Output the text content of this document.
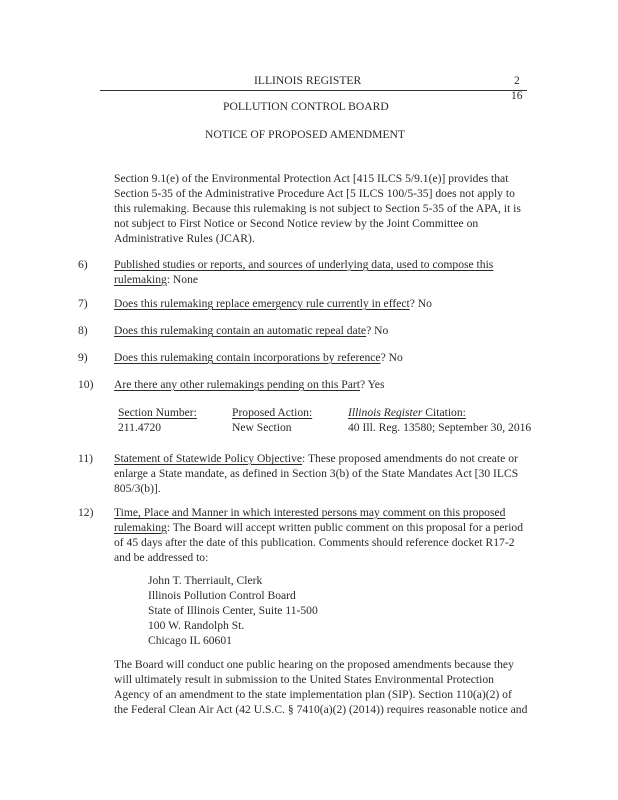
ILLINOIS REGISTER	2
16
POLLUTION CONTROL BOARD
NOTICE OF PROPOSED AMENDMENT
Section 9.1(e) of the Environmental Protection Act [415 ILCS 5/9.1(e)] provides that
Section 5-35 of the Administrative Procedure Act [5 ILCS 100/5-35] does not apply to
this rulemaking. Because this rulemaking is not subject to Section 5-35 of the APA, it is
not subject to First Notice or Second Notice review by the Joint Committee on
Administrative Rules (JCAR).
6) Published studies or reports, and sources of underlying data, used to compose this
rulemaking: None
7) Does this rulemaking replace emergency rule currently in effect? No
8) Does this rulemaking contain an automatic repeal date? No
9) Does this rulemaking contain incorporations by reference? No
10) Are there any other rulemakings pending on this Part? Yes
Section Number:	Proposed Action:	Illinois Register Citation:
211.4720	New Section	40 Ill. Reg. 13580; September 30, 2016
11) Statement of Statewide Policy Objective: These proposed amendments do not create or
enlarge a State mandate, as defined in Section 3(b) of the State Mandates Act [30 ILCS
805/3(b)].
12) Time, Place and Manner in which interested persons may comment on this proposed
rulemaking: The Board will accept written public comment on this proposal for a period
of 45 days after the date of this publication. Comments should reference docket R17-2
and be addressed to:
John T. Therriault, Clerk
Illinois Pollution Control Board
State of Illinois Center, Suite 11-500
100 W. Randolph St.
Chicago IL 60601
The Board will conduct one public hearing on the proposed amendments because they
will ultimately result in submission to the United States Environmental Protection
Agency of an amendment to the state implementation plan (SIP). Section 110(a)(2) of
the Federal Clean Air Act (42 U.S.C. § 7410(a)(2) (2014)) requires reasonable notice and
